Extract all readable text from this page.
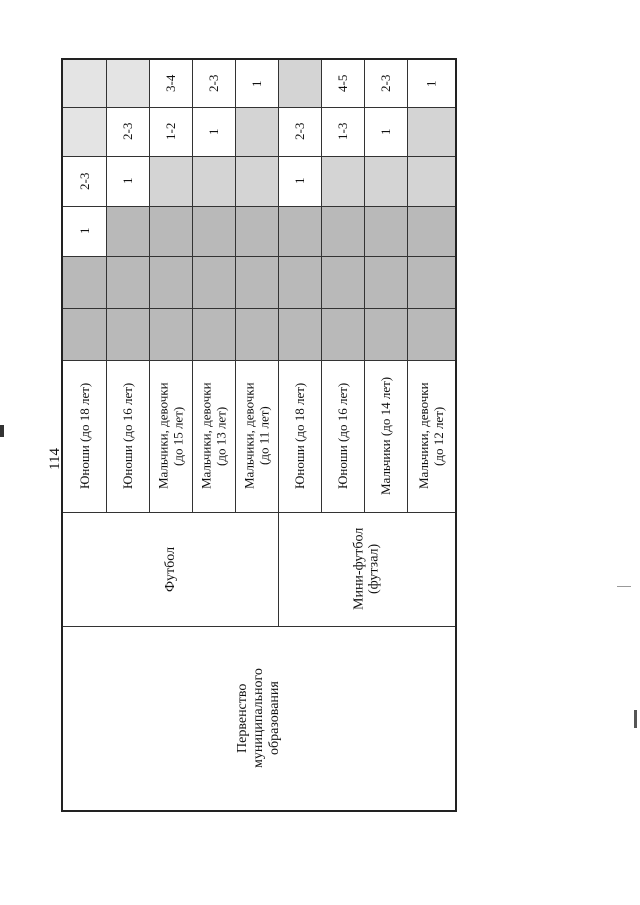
114	Юноши (до 18 лет)
2-3
1
Юноши (до 16 лет)
2-3
1
Мальчики, девочки
(до 15 лет)
3-4
1-2
Мальчики, девочки
(до 13 лет)
2-3
1
Мальчики, девочки
(до 11 лет)
1
Юноши (до 18 лет)
2-3
1
Юноши (до 16 лет)
4-5
1-3
Мальчики (до 14 лет)
2-3
1
Мальчики, девочки
(до 12 лет)
1
Футбол	Мини-футбол
(футзал)
Первенство
муниципального
образования
